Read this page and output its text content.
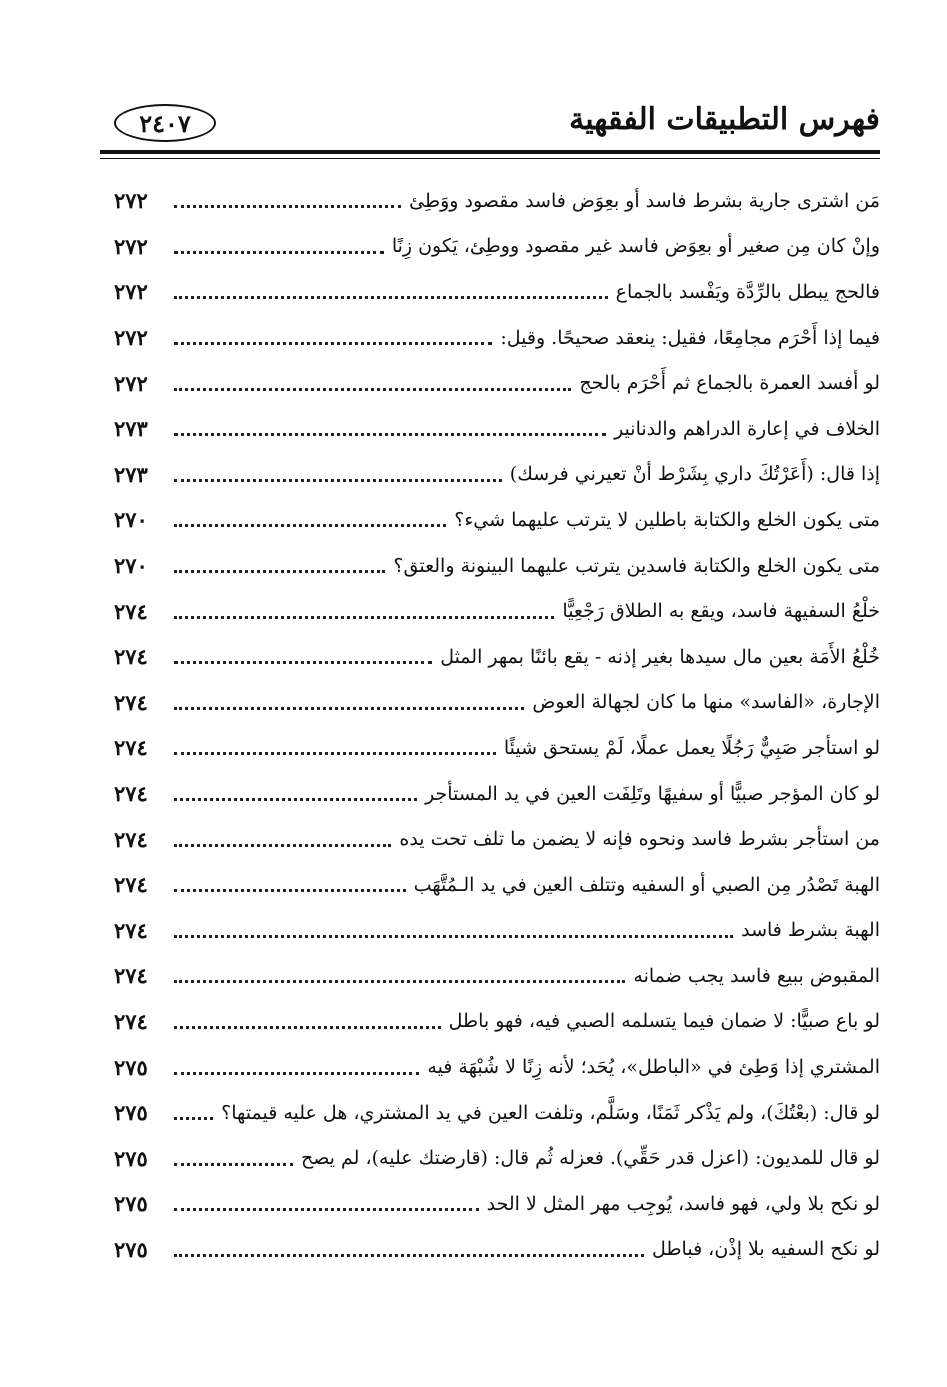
فهرس التطبيقات الفقهية
٢٤٠٧
مَن اشترى جارية بشرط فاسد أو بعِوَض فاسد مقصود ووَطِئ
٢٧٢
وإنْ كان مِن صغير أو بعِوَض فاسد غير مقصود ووطِئ، يَكون زِنًا
٢٧٢
فالحج يبطل بالرِّدَّة ويَفْسد بالجماع
٢٧٢
فيما إذا أَحْرَم مجامِعًا، فقيل: ينعقد صحيحًا. وقيل:
٢٧٢
لو أفسد العمرة بالجماع ثم أَحْرَم بالحج
٢٧٢
الخلاف في إعارة الدراهم والدنانير
٢٧٣
إذا قال: (أَعَرْتُكَ داري بِشَرْط أنْ تعيرني فرسك)
٢٧٣
متى يكون الخلع والكتابة باطلين لا يترتب عليهما شيء؟
٢٧٠
متى يكون الخلع والكتابة فاسدين يترتب عليهما البينونة والعتق؟
٢٧٠
خلْعُ السفيهة فاسد، ويقع به الطلاق رَجْعِيًّا
٢٧٤
خُلْعُ الأَمَة بعين مال سيدها بغير إذنه - يقع بائنًا بمهر المثل
٢٧٤
الإجارة، «الفاسد» منها ما كان لجهالة العوض
٢٧٤
لو استأجر صَبِيٌّ رَجُلًا يعمل عملًا، لَمْ يستحق شيئًا
٢٧٤
لو كان المؤجر صبيًّا أو سفيهًا وتَلِفَت العين في يد المستأجر
٢٧٤
من استأجر بشرط فاسد ونحوه فإنه لا يضمن ما تلف تحت يده
٢٧٤
الهبة تَصْدُر مِن الصبي أو السفيه وتتلف العين في يد الـمُتَّهَب
٢٧٤
الهبة بشرط فاسد
٢٧٤
المقبوض ببيع فاسد يجب ضمانه
٢٧٤
لو باع صبيًّا: لا ضمان فيما يتسلمه الصبي فيه، فهو باطل
٢٧٤
المشتري إذا وَطِئ في «الباطل»، يُحَد؛ لأنه زِنًا لا شُبْهَة فيه
٢٧٥
لو قال: (بعْتُكَ)، ولم يَذْكر ثَمَنًا، وسَلَّم، وتلفت العين في يد المشتري، هل عليه قيمتها؟
٢٧٥
لو قال للمديون: (اعزل قدر حَقِّي). فعزله ثُم قال: (قارضتك عليه)، لم يصح
٢٧٥
لو نكح بلا ولي، فهو فاسد، يُوجِب مهر المثل لا الحد
٢٧٥
لو نكح السفيه بلا إذْن، فباطل
٢٧٥
